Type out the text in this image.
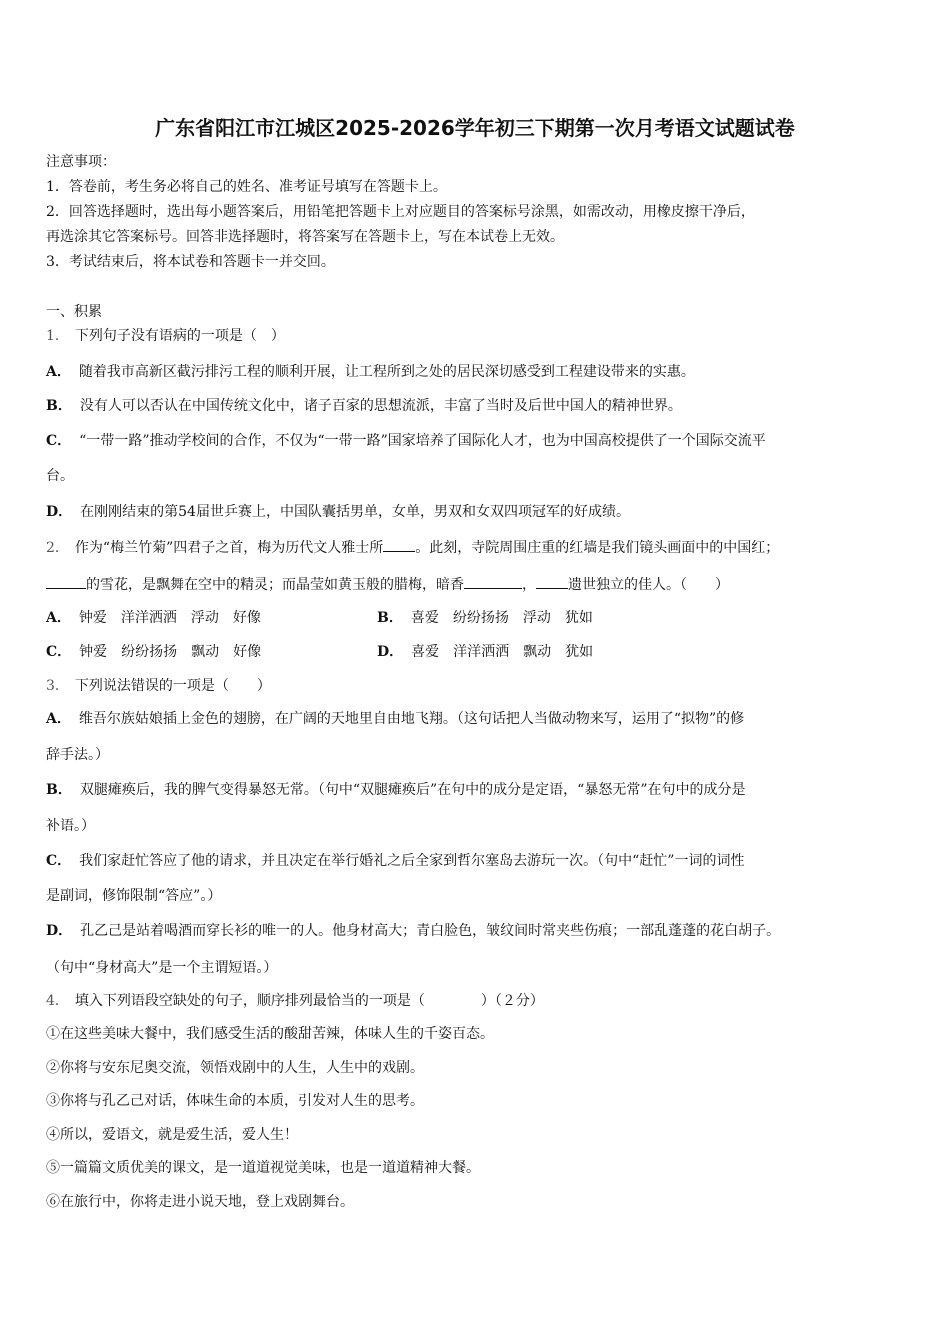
广东省阳江市江城区2025-2026学年初三下期第一次月考语文试题试卷
注意事项：
1．答卷前，考生务必将自己的姓名、准考证号填写在答题卡上。
2．回答选择题时，选出每小题答案后，用铅笔把答题卡上对应题目的答案标号涂黑，如需改动，用橡皮擦干净后，
再选涂其它答案标号。回答非选择题时，将答案写在答题卡上，写在本试卷上无效。
3．考试结束后，将本试卷和答题卡一并交回。
一、积累
1． 下列句子没有语病的一项是（　）
A． 随着我市高新区截污排污工程的顺利开展，让工程所到之处的居民深切感受到工程建设带来的实惠。
B． 没有人可以否认在中国传统文化中，诸子百家的思想流派，丰富了当时及后世中国人的精神世界。
C． “一带一路”推动学校间的合作，不仅为“一带一路”国家培养了国际化人才，也为中国高校提供了一个国际交流平
台。
D． 在刚刚结束的第54届世乒赛上，中国队囊括男单，女单，男双和女双四项冠军的好成绩。
2． 作为“梅兰竹菊”四君子之首，梅为历代文人雅士所 。此刻，寺院周围庄重的红墙是我们镜头画面中的中国红；
的雪花，是飘舞在空中的精灵；而晶莹如黄玉般的腊梅，暗香	， 遗世独立的佳人。（　　）
A． 钟爱　洋洋洒洒　浮动　好像	B． 喜爱　纷纷扬扬　浮动　犹如
C． 钟爱　纷纷扬扬　飘动　好像	D． 喜爱　洋洋洒洒　飘动　犹如
3． 下列说法错误的一项是（　　）
A． 维吾尔族姑娘插上金色的翅膀，在广阔的天地里自由地飞翔。（这句话把人当做动物来写，运用了“拟物”的修
辞手法。）
B． 双腿瘫痪后，我的脾气变得暴怒无常。（句中“双腿瘫痪后”在句中的成分是定语，“暴怒无常”在句中的成分是
补语。）
C． 我们家赶忙答应了他的请求，并且决定在举行婚礼之后全家到哲尔塞岛去游玩一次。（句中“赶忙”一词的词性
是副词，修饰限制“答应”。）
D． 孔乙己是站着喝酒而穿长衫的唯一的人。他身材高大；青白脸色，皱纹间时常夹些伤痕；一部乱蓬蓬的花白胡子。
（句中“身材高大”是一个主谓短语。）
4． 填入下列语段空缺处的句子，顺序排列最恰当的一项是（　　　　）（２分）
①在这些美味大餐中，我们感受生活的酸甜苦辣，体味人生的千姿百态。
②你将与安东尼奥交流，领悟戏剧中的人生，人生中的戏剧。
③你将与孔乙己对话，体味生命的本质，引发对人生的思考。
④所以，爱语文，就是爱生活，爱人生！
⑤一篇篇文质优美的课文，是一道道视觉美味，也是一道道精神大餐。
⑥在旅行中，你将走进小说天地，登上戏剧舞台。
